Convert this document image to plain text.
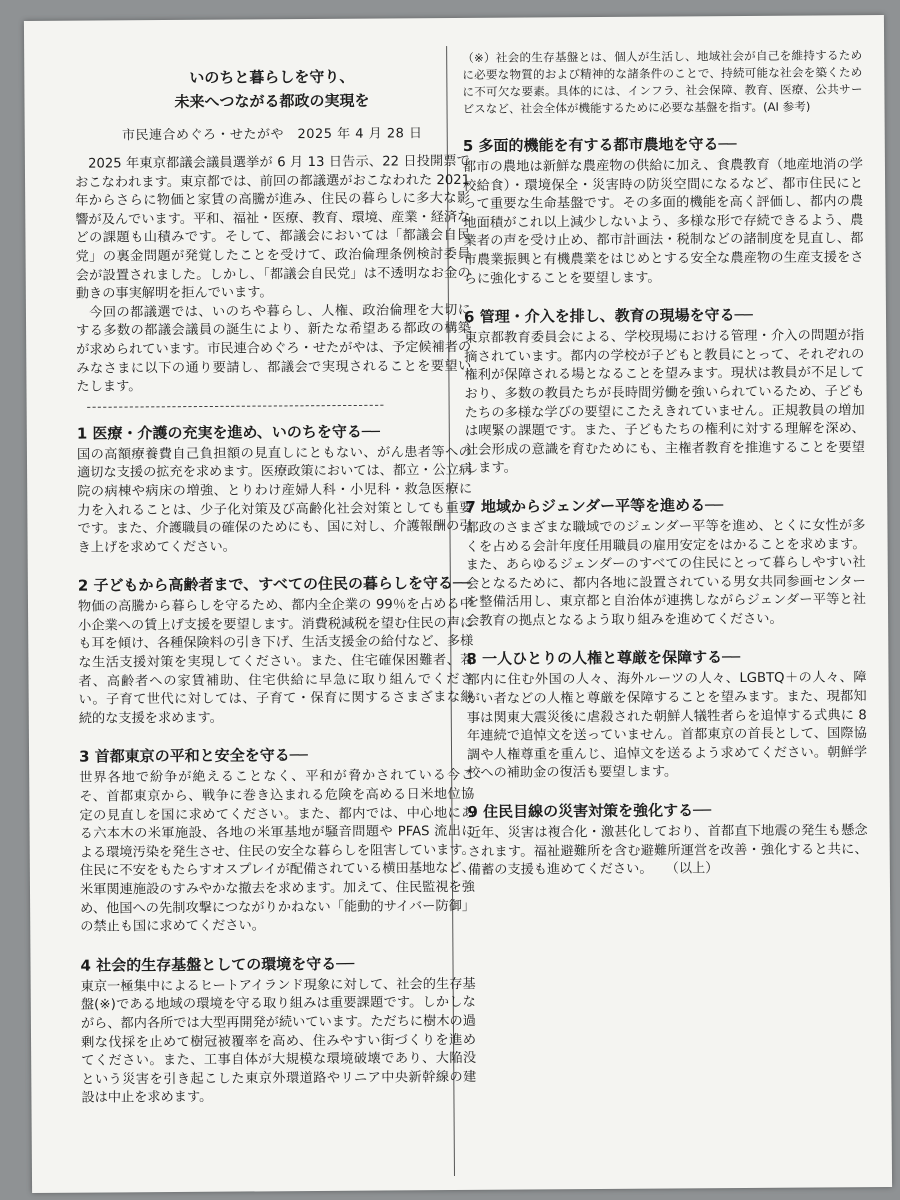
いのちと暮らしを守り、
未来へつながる都政の実現を
市民連合めぐろ・せたがや　2025 年 4 月 28 日

2025 年東京都議会議員選挙が 6 月 13 日告示、22 日投開票でおこなわれます。東京都では、前回の都議選がおこなわれた 2021 年からさらに物価と家賃の高騰が進み、住民の暮らしに多大な影響が及んでいます。平和、福祉・医療、教育、環境、産業・経済などの課題も山積みです。そして、都議会においては「都議会自民党」の裏金問題が発覚したことを受けて、政治倫理条例検討委員会が設置されました。しかし、「都議会自民党」は不透明なお金の動きの事実解明を拒んでいます。

今回の都議選では、いのちや暮らし、人権、政治倫理を大切にする多数の都議会議員の誕生により、新たな希望ある都政の構築が求められています。市民連合めぐろ・せたがやは、予定候補者のみなさまに以下の通り要請し、都議会で実現されることを要望いたします。

--------------------------------------------------------
1 医療・介護の充実を進め、いのちを守る──

国の高額療養費自己負担額の見直しにともない、がん患者等への適切な支援の拡充を求めます。医療政策においては、都立・公立病院の病棟や病床の増強、とりわけ産婦人科・小児科・救急医療に力を入れることは、少子化対策及び高齢化社会対策としても重要です。また、介護職員の確保のためにも、国に対し、介護報酬の引き上げを求めてください。

2 子どもから高齢者まで、すべての住民の暮らしを守る──

物価の高騰から暮らしを守るため、都内全企業の 99％を占める中小企業への賃上げ支援を要望します。消費税減税を望む住民の声にも耳を傾け、各種保険料の引き下げ、生活支援金の給付など、多様な生活支援対策を実現してください。また、住宅確保困難者、若者、高齢者への家賃補助、住宅供給に早急に取り組んでください。子育て世代に対しては、子育て・保育に関するさまざまな継続的な支援を求めます。

3 首都東京の平和と安全を守る──

世界各地で紛争が絶えることなく、平和が脅かされている今こそ、首都東京から、戦争に巻き込まれる危険を高める日米地位協定の見直しを国に求めてください。また、都内では、中心地にある六本木の米軍施設、各地の米軍基地が騒音問題や PFAS 流出による環境汚染を発生させ、住民の安全な暮らしを阻害しています。住民に不安をもたらすオスプレイが配備されている横田基地など、米軍関連施設のすみやかな撤去を求めます。加えて、住民監視を強め、他国への先制攻撃につながりかねない「能動的サイバー防御」の禁止も国に求めてください。

4 社会的生存基盤としての環境を守る──

東京一極集中によるヒートアイランド現象に対して、社会的生存基盤(※)である地域の環境を守る取り組みは重要課題です。しかしながら、都内各所では大型再開発が続いています。ただちに樹木の過剰な伐採を止めて樹冠被覆率を高め、住みやすい街づくりを進めてください。また、工事自体が大規模な環境破壊であり、大陥没という災害を引き起こした東京外環道路やリニア中央新幹線の建設は中止を求めます。

（※）社会的生存基盤とは、個人が生活し、地域社会が自己を維持するために必要な物質的および精神的な諸条件のことで、持続可能な社会を築くために不可欠な要素。具体的には、インフラ、社会保障、教育、医療、公共サービスなど、社会全体が機能するために必要な基盤を指す。(AI 参考)

5 多面的機能を有する都市農地を守る──

都市の農地は新鮮な農産物の供給に加え、食農教育（地産地消の学校給食）・環境保全・災害時の防災空間になるなど、都市住民にとって重要な生命基盤です。その多面的機能を高く評価し、都内の農地面積がこれ以上減少しないよう、多様な形で存続できるよう、農業者の声を受け止め、都市計画法・税制などの諸制度を見直し、都市農業振興と有機農業をはじめとする安全な農産物の生産支援をさらに強化することを要望します。

6 管理・介入を排し、教育の現場を守る──

東京都教育委員会による、学校現場における管理・介入の問題が指摘されています。都内の学校が子どもと教員にとって、それぞれの権利が保障される場となることを望みます。現状は教員が不足しており、多数の教員たちが長時間労働を強いられているため、子どもたちの多様な学びの要望にこたえきれていません。正規教員の増加は喫緊の課題です。また、子どもたちの権利に対する理解を深め、社会形成の意識を育むためにも、主権者教育を推進することを要望します。

7 地域からジェンダー平等を進める──

都政のさまざまな職域でのジェンダー平等を進め、とくに女性が多くを占める会計年度任用職員の雇用安定をはかることを求めます。また、あらゆるジェンダーのすべての住民にとって暮らしやすい社会となるために、都内各地に設置されている男女共同参画センターを整備活用し、東京都と自治体が連携しながらジェンダー平等と社会教育の拠点となるよう取り組みを進めてください。

8 一人ひとりの人権と尊厳を保障する──

都内に住む外国の人々、海外ルーツの人々、LGBTQ＋の人々、障がい者などの人権と尊厳を保障することを望みます。また、現都知事は関東大震災後に虐殺された朝鮮人犠牲者らを追悼する式典に 8 年連続で追悼文を送っていません。首都東京の首長として、国際協調や人権尊重を重んじ、追悼文を送るよう求めてください。朝鮮学校への補助金の復活も要望します。

9 住民目線の災害対策を強化する──

近年、災害は複合化・激甚化しており、首都直下地震の発生も懸念されます。福祉避難所を含む避難所運営を改善・強化すると共に、備蓄の支援も進めてください。　　 （以上）
